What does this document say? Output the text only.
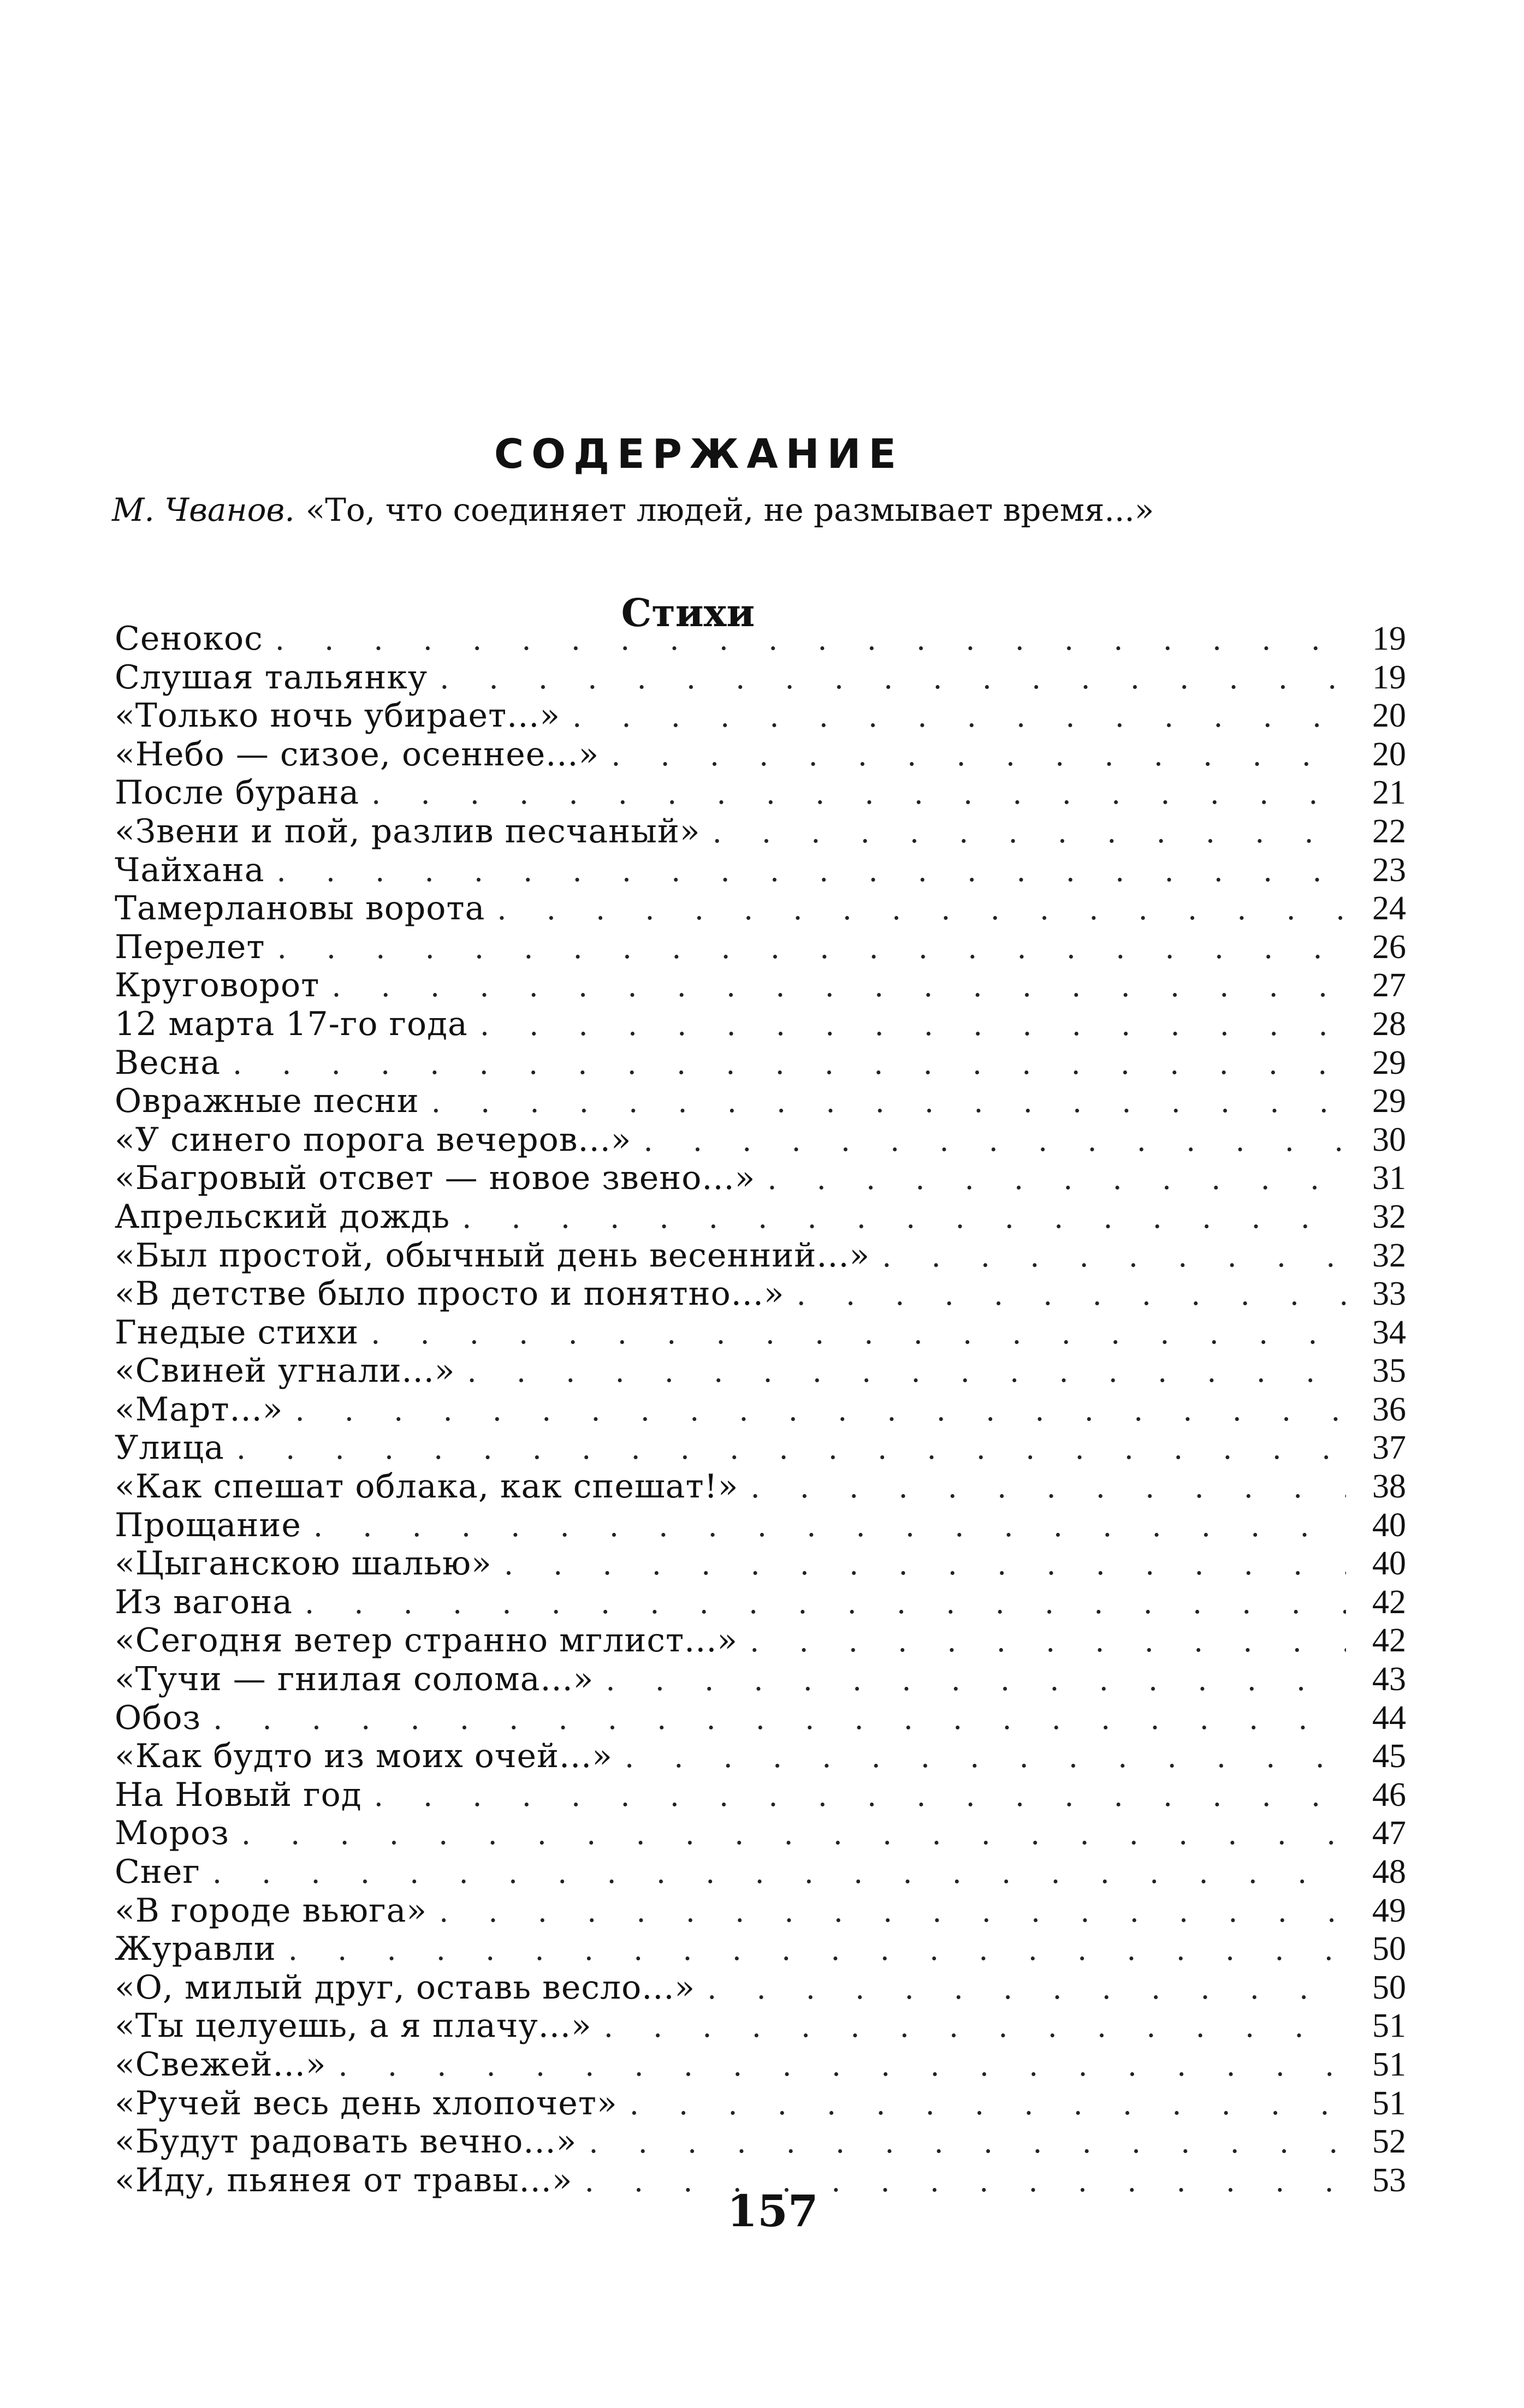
СОДЕРЖАНИЕ
М. Чванов. «То, что соединяет людей, не размывает время...»
Стихи
Сенокос . . .	19
Слушая тальянку . . .	19
«Только ночь убирает...» . . .	20
«Небо — сизое, осеннее...» . . .	20
После бурана . . .	21
«Звени и пой, разлив песчаный» . . .	22
Чайхана . . .	23
Тамерлановы ворота . . .	24
Перелет . . .	26
Круговорот . . .	27
12 марта 17-го года . . .	28
Весна . . .	29
Овражные песни . . .	29
«У синего порога вечеров...» . . .	30
«Багровый отсвет — новое звено...» . . .	31
Апрельский дождь . . .	32
«Был простой, обычный день весенний...» . . .	32
«В детстве было просто и понятно...» . . .	33
Гнедые стихи . . .	34
«Свиней угнали...» . . .	35
«Март...» . . .	36
Улица . . .	37
«Как спешат облака, как спешат!» . . .	38
Прощание . . .	40
«Цыганскою шалью» . . .	40
Из вагона . . .	42
«Сегодня ветер странно мглист...» . . .	42
«Тучи — гнилая солома...» . . .	43
Обоз . . .	44
«Как будто из моих очей...» . . .	45
На Новый год . . .	46
Мороз . . .	47
Снег . . .	48
«В городе вьюга» . . .	49
Журавли . . .	50
«О, милый друг, оставь весло...» . . .	50
«Ты целуешь, а я плачу...» . . .	51
«Свежей...» . . .	51
«Ручей весь день хлопочет» . . .	51
«Будут радовать вечно...» . . .	52
«Иду, пьянея от травы...» . . .	53
157
